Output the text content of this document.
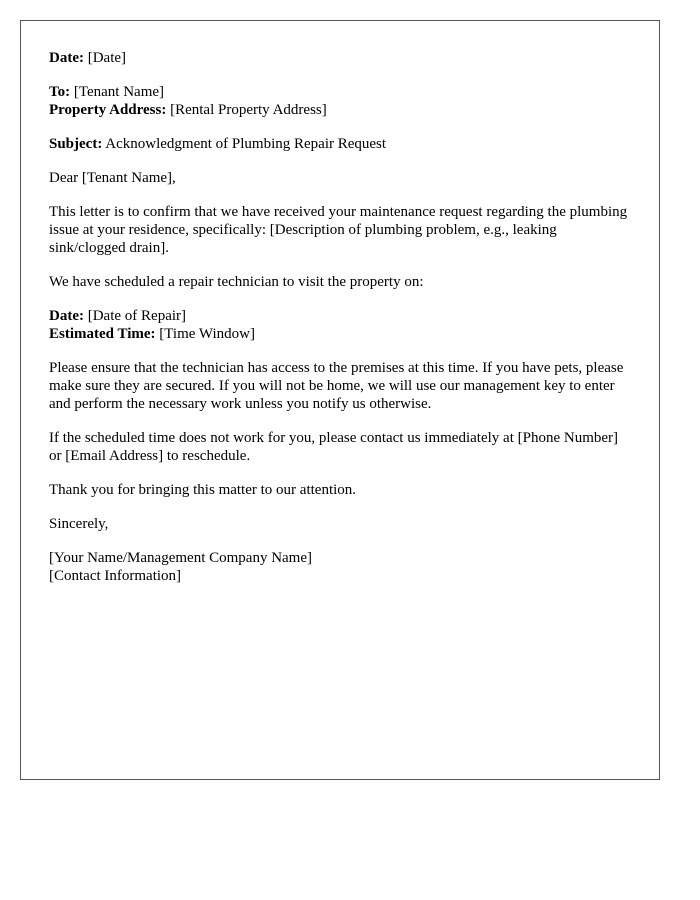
Date: [Date]

To: [Tenant Name]
Property Address: [Rental Property Address]

Subject: Acknowledgment of Plumbing Repair Request

Dear [Tenant Name],

This letter is to confirm that we have received your maintenance request regarding the plumbing issue at your residence, specifically: [Description of plumbing problem, e.g., leaking sink/clogged drain].

We have scheduled a repair technician to visit the property on:

Date: [Date of Repair]
Estimated Time: [Time Window]

Please ensure that the technician has access to the premises at this time. If you have pets, please make sure they are secured. If you will not be home, we will use our management key to enter and perform the necessary work unless you notify us otherwise.

If the scheduled time does not work for you, please contact us immediately at [Phone Number] or [Email Address] to reschedule.

Thank you for bringing this matter to our attention.

Sincerely,

[Your Name/Management Company Name]
[Contact Information]
